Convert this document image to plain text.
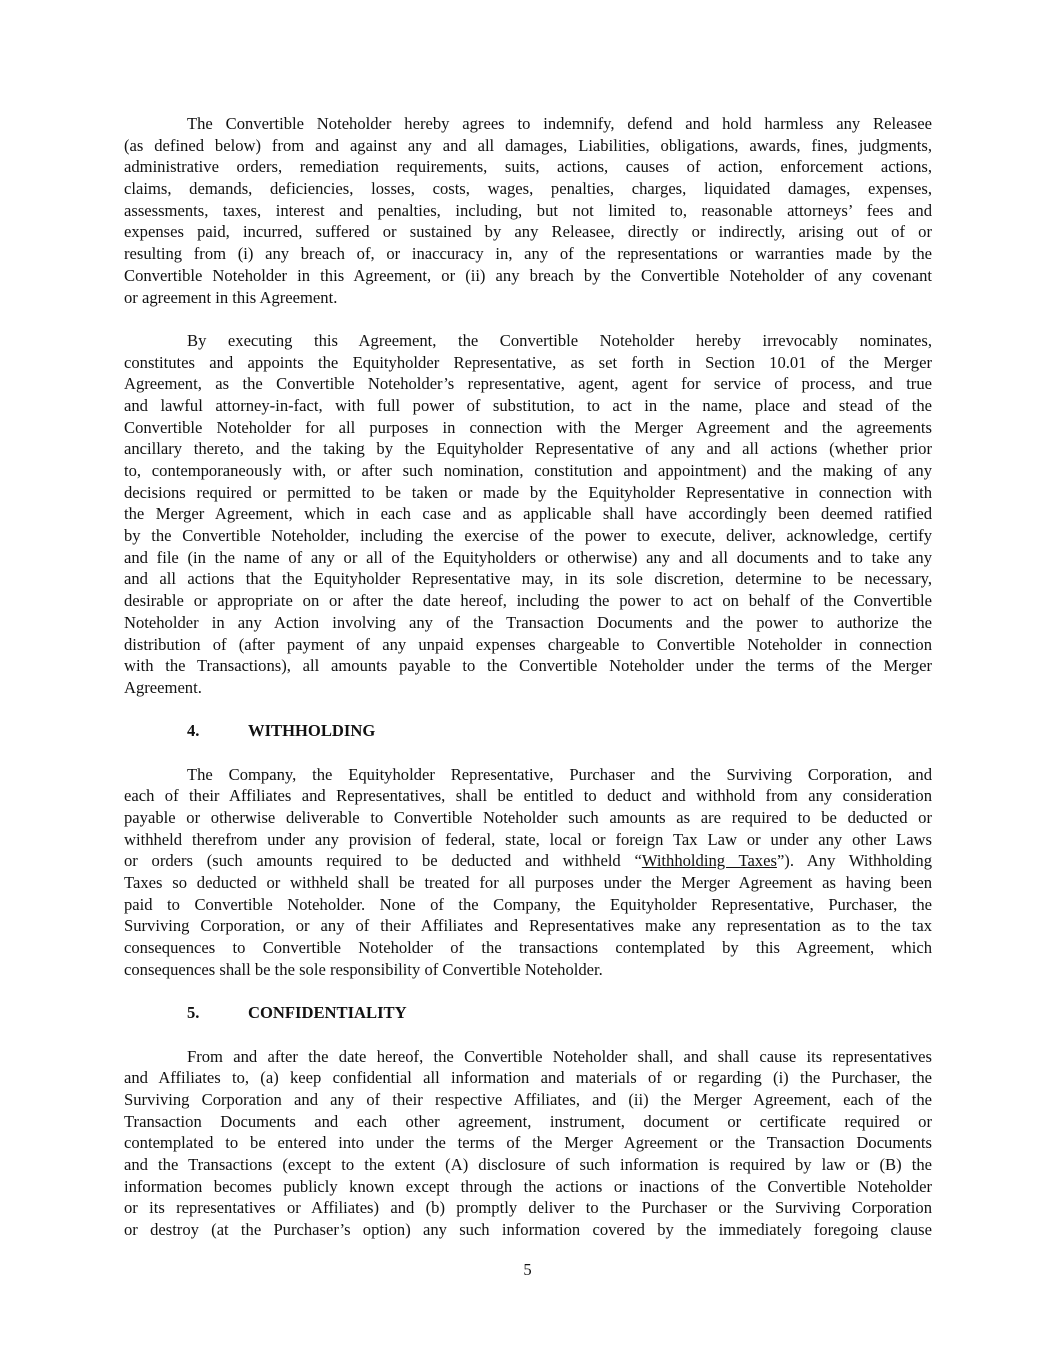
The Convertible Noteholder hereby agrees to indemnify, defend and hold harmless any Releasee
(as defined below) from and against any and all damages, Liabilities, obligations, awards, fines, judgments,
administrative orders, remediation requirements, suits, actions, causes of action, enforcement actions,
claims, demands, deficiencies, losses, costs, wages, penalties, charges, liquidated damages, expenses,
assessments, taxes, interest and penalties, including, but not limited to, reasonable attorneys’ fees and
expenses paid, incurred, suffered or sustained by any Releasee, directly or indirectly, arising out of or
resulting from (i) any breach of, or inaccuracy in, any of the representations or warranties made by the
Convertible Noteholder in this Agreement, or (ii) any breach by the Convertible Noteholder of any covenant
or agreement in this Agreement.
By executing this Agreement, the Convertible Noteholder hereby irrevocably nominates,
constitutes and appoints the Equityholder Representative, as set forth in Section 10.01 of the Merger
Agreement, as the Convertible Noteholder’s representative, agent, agent for service of process, and true
and lawful attorney-in-fact, with full power of substitution, to act in the name, place and stead of the
Convertible Noteholder for all purposes in connection with the Merger Agreement and the agreements
ancillary thereto, and the taking by the Equityholder Representative of any and all actions (whether prior
to, contemporaneously with, or after such nomination, constitution and appointment) and the making of any
decisions required or permitted to be taken or made by the Equityholder Representative in connection with
the Merger Agreement, which in each case and as applicable shall have accordingly been deemed ratified
by the Convertible Noteholder, including the exercise of the power to execute, deliver, acknowledge, certify
and file (in the name of any or all of the Equityholders or otherwise) any and all documents and to take any
and all actions that the Equityholder Representative may, in its sole discretion, determine to be necessary,
desirable or appropriate on or after the date hereof, including the power to act on behalf of the Convertible
Noteholder in any Action involving any of the Transaction Documents and the power to authorize the
distribution of (after payment of any unpaid expenses chargeable to Convertible Noteholder in connection
with the Transactions), all amounts payable to the Convertible Noteholder under the terms of the Merger
Agreement.
4.	WITHHOLDING
The Company, the Equityholder Representative, Purchaser and the Surviving Corporation, and
each of their Affiliates and Representatives, shall be entitled to deduct and withhold from any consideration
payable or otherwise deliverable to Convertible Noteholder such amounts as are required to be deducted or
withheld therefrom under any provision of federal, state, local or foreign Tax Law or under any other Laws
or orders (such amounts required to be deducted and withheld “Withholding Taxes”). Any Withholding
Taxes so deducted or withheld shall be treated for all purposes under the Merger Agreement as having been
paid to Convertible Noteholder. None of the Company, the Equityholder Representative, Purchaser, the
Surviving Corporation, or any of their Affiliates and Representatives make any representation as to the tax
consequences to Convertible Noteholder of the transactions contemplated by this Agreement, which
consequences shall be the sole responsibility of Convertible Noteholder.
5.	CONFIDENTIALITY
From and after the date hereof, the Convertible Noteholder shall, and shall cause its representatives
and Affiliates to, (a) keep confidential all information and materials of or regarding (i) the Purchaser, the
Surviving Corporation and any of their respective Affiliates, and (ii) the Merger Agreement, each of the
Transaction Documents and each other agreement, instrument, document or certificate required or
contemplated to be entered into under the terms of the Merger Agreement or the Transaction Documents
and the Transactions (except to the extent (A) disclosure of such information is required by law or (B) the
information becomes publicly known except through the actions or inactions of the Convertible Noteholder
or its representatives or Affiliates) and (b) promptly deliver to the Purchaser or the Surviving Corporation
or destroy (at the Purchaser’s option) any such information covered by the immediately foregoing clause
5
